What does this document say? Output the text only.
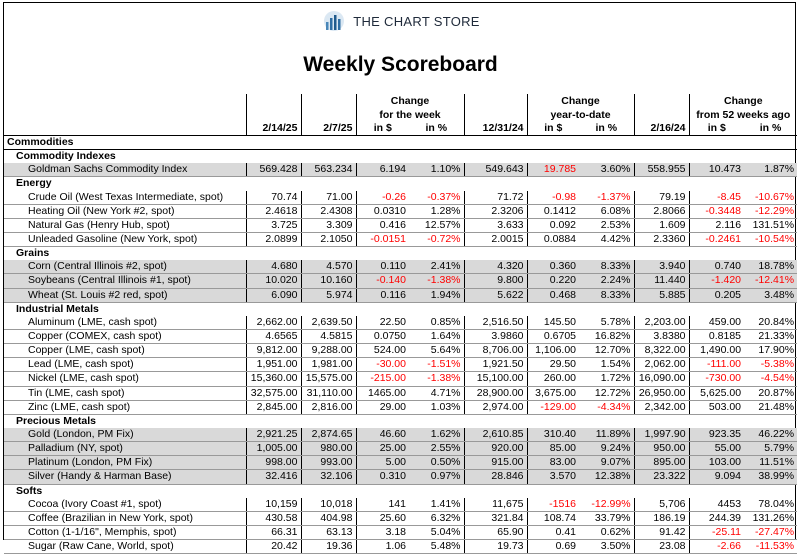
THE CHART STORE
Weekly Scoreboard
			Change			Change			Change	
			for the week			year-to-date			from 52 weeks ago	
	2/14/25	2/7/25	in $	in %	12/31/24	in $	in %	2/16/24	in $	in %
Commodities										
Commodity Indexes										
Goldman Sachs Commodity Index	569.428	563.234	6.194	1.10%	549.643	19.785	3.60%	558.955	10.473	1.87%
Energy										
Crude Oil (West Texas Intermediate, spot)	70.74	71.00	-0.26	-0.37%	71.72	-0.98	-1.37%	79.19	-8.45	-10.67%
Heating Oil (New York #2, spot)	2.4618	2.4308	0.0310	1.28%	2.3206	0.1412	6.08%	2.8066	-0.3448	-12.29%
Natural Gas (Henry Hub, spot)	3.725	3.309	0.416	12.57%	3.633	0.092	2.53%	1.609	2.116	131.51%
Unleaded Gasoline (New York, spot)	2.0899	2.1050	-0.0151	-0.72%	2.0015	0.0884	4.42%	2.3360	-0.2461	-10.54%
Grains										
Corn (Central Illinois #2, spot)	4.680	4.570	0.110	2.41%	4.320	0.360	8.33%	3.940	0.740	18.78%
Soybeans (Central Illinois #1, spot)	10.020	10.160	-0.140	-1.38%	9.800	0.220	2.24%	11.440	-1.420	-12.41%
Wheat (St. Louis #2 red, spot)	6.090	5.974	0.116	1.94%	5.622	0.468	8.33%	5.885	0.205	3.48%
Industrial Metals										
Aluminum (LME, cash spot)	2,662.00	2,639.50	22.50	0.85%	2,516.50	145.50	5.78%	2,203.00	459.00	20.84%
Copper (COMEX, cash spot)	4.6565	4.5815	0.0750	1.64%	3.9860	0.6705	16.82%	3.8380	0.8185	21.33%
Copper (LME, cash spot)	9,812.00	9,288.00	524.00	5.64%	8,706.00	1,106.00	12.70%	8,322.00	1,490.00	17.90%
Lead (LME, cash spot)	1,951.00	1,981.00	-30.00	-1.51%	1,921.50	29.50	1.54%	2,062.00	-111.00	-5.38%
Nickel (LME, cash spot)	15,360.00	15,575.00	-215.00	-1.38%	15,100.00	260.00	1.72%	16,090.00	-730.00	-4.54%
Tin (LME, cash spot)	32,575.00	31,110.00	1465.00	4.71%	28,900.00	3,675.00	12.72%	26,950.00	5,625.00	20.87%
Zinc (LME, cash spot)	2,845.00	2,816.00	29.00	1.03%	2,974.00	-129.00	-4.34%	2,342.00	503.00	21.48%
Precious Metals										
Gold (London, PM Fix)	2,921.25	2,874.65	46.60	1.62%	2,610.85	310.40	11.89%	1,997.90	923.35	46.22%
Palladium (NY, spot)	1,005.00	980.00	25.00	2.55%	920.00	85.00	9.24%	950.00	55.00	5.79%
Platinum (London, PM Fix)	998.00	993.00	5.00	0.50%	915.00	83.00	9.07%	895.00	103.00	11.51%
Silver (Handy & Harman Base)	32.416	32.106	0.310	0.97%	28.846	3.570	12.38%	23.322	9.094	38.99%
Softs										
Cocoa (Ivory Coast #1, spot)	10,159	10,018	141	1.41%	11,675	-1516	-12.99%	5,706	4453	78.04%
Coffee (Brazilian in New York, spot)	430.58	404.98	25.60	6.32%	321.84	108.74	33.79%	186.19	244.39	131.26%
Cotton (1-1/16", Memphis, spot)	66.31	63.13	3.18	5.04%	65.90	0.41	0.62%	91.42	-25.11	-27.47%
Sugar (Raw Cane, World, spot)	20.42	19.36	1.06	5.48%	19.73	0.69	3.50%	23.08	-2.66	-11.53%
